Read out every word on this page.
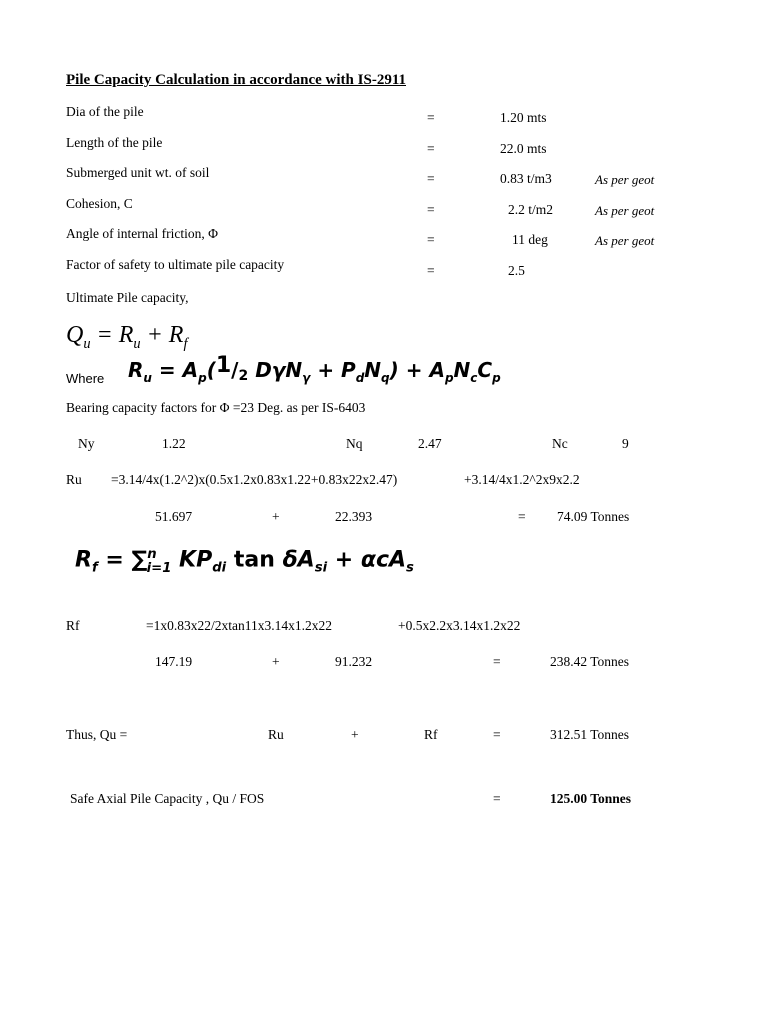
Pile Capacity Calculation in accordance with IS-2911
Dia of the pile	=	1.20 mts
Length of the pile	=	22.0 mts
Submerged unit wt. of soil	=	0.83 t/m3	As per geot
Cohesion, C	=	2.2 t/m2	As per geot
Angle of internal friction, Φ	=	11 deg	As per geot
Factor of safety to ultimate pile capacity	=	2.5
Ultimate Pile capacity,
$Q_u = R_u + R_f$
Where $R_u = A_p(1/2$ $D\gamma N_\gamma + P_dN_q) + A_pN_cC_p$
Bearing capacity factors for Φ =23 Deg. as per IS-6403
Ny	1.22	Nq	2.47	Nc	9
Ru =3.14/4x(1.2^2)x(0.5x1.2x0.83x1.22+0.83x22x2.47)	+3.14/4x1.2^2x9x2.2
51.697	+	22.393	= 74.09 Tonnes
$R_f = \sum^n_{i=1}$ $KP_{di}$ $\tan \delta A_{si} + \alpha cA_s$
Rf	=1x0.83x22/2xtan11x3.14x1.2x22	+0.5x2.2x3.14x1.2x22
147.19	+	91.232	=	238.42 Tonnes
Thus, Qu =	Ru	+	Rf	=	312.51 Tonnes
Safe Axial Pile Capacity , Qu / FOS	=	125.00 Tonnes
